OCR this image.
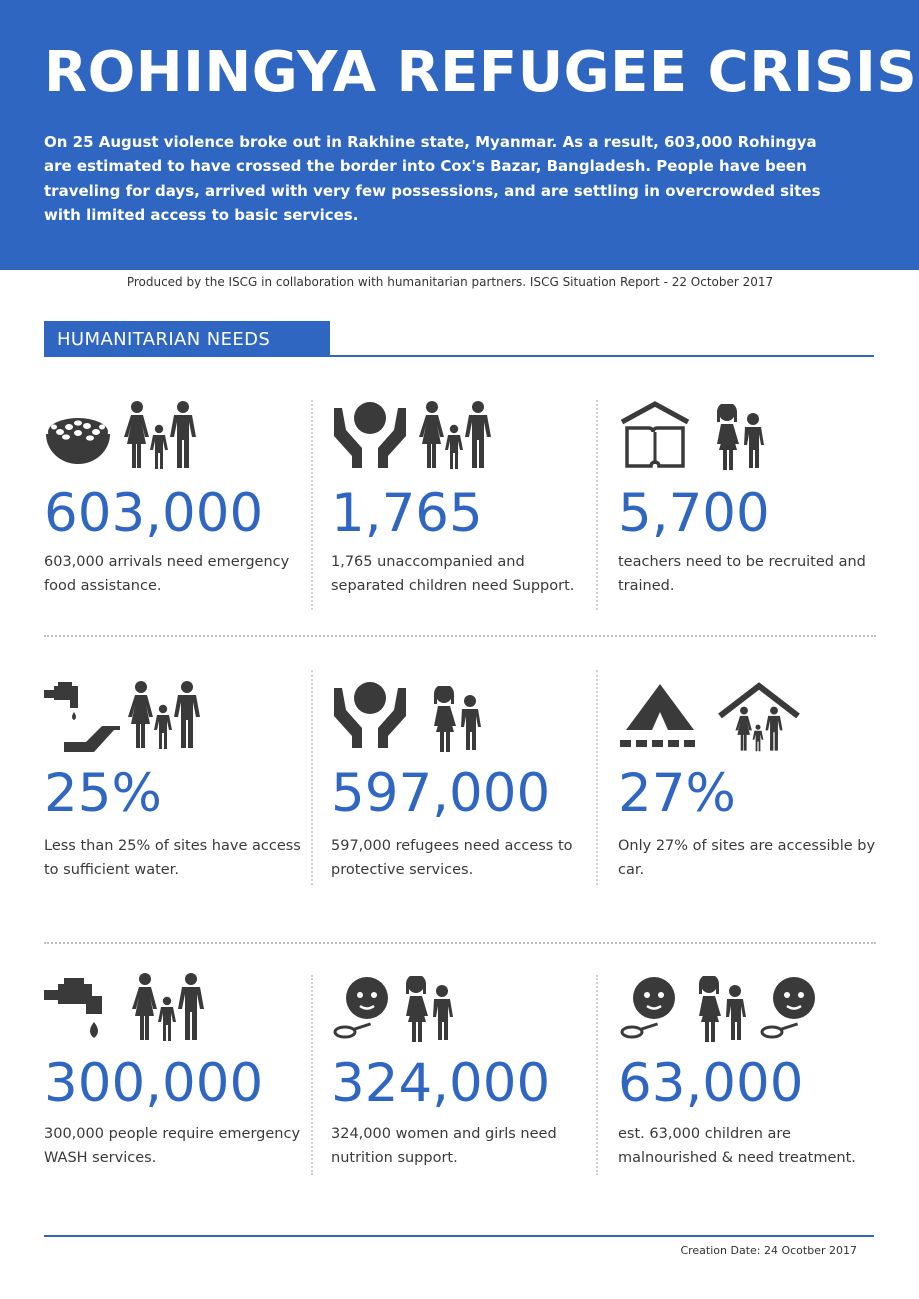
ROHINGYA REFUGEE CRISIS
On 25 August violence broke out in Rakhine state, Myanmar. As a result, 603,000 Rohingya are estimated to have crossed the border into Cox's Bazar, Bangladesh. People have been traveling for days, arrived with very few possessions, and are settling in overcrowded sites with limited access to basic services.
Produced by the ISCG in collaboration with humanitarian partners. ISCG Situation Report - 22 October 2017
HUMANITARIAN NEEDS
603,000
603,000 arrivals need emergency food assistance.
1,765
1,765 unaccompanied and separated children need Support.
5,700
teachers need to be recruited and trained.
25%
Less than 25% of sites have access to sufficient water.
597,000
597,000 refugees need access to protective services.
27%
Only 27% of sites are accessible by car.
300,000
300,000 people require emergency WASH services.
324,000
324,000 women and girls need nutrition support.
63,000
est. 63,000 children are malnourished & need treatment.
Creation Date: 24 Ocotber 2017
